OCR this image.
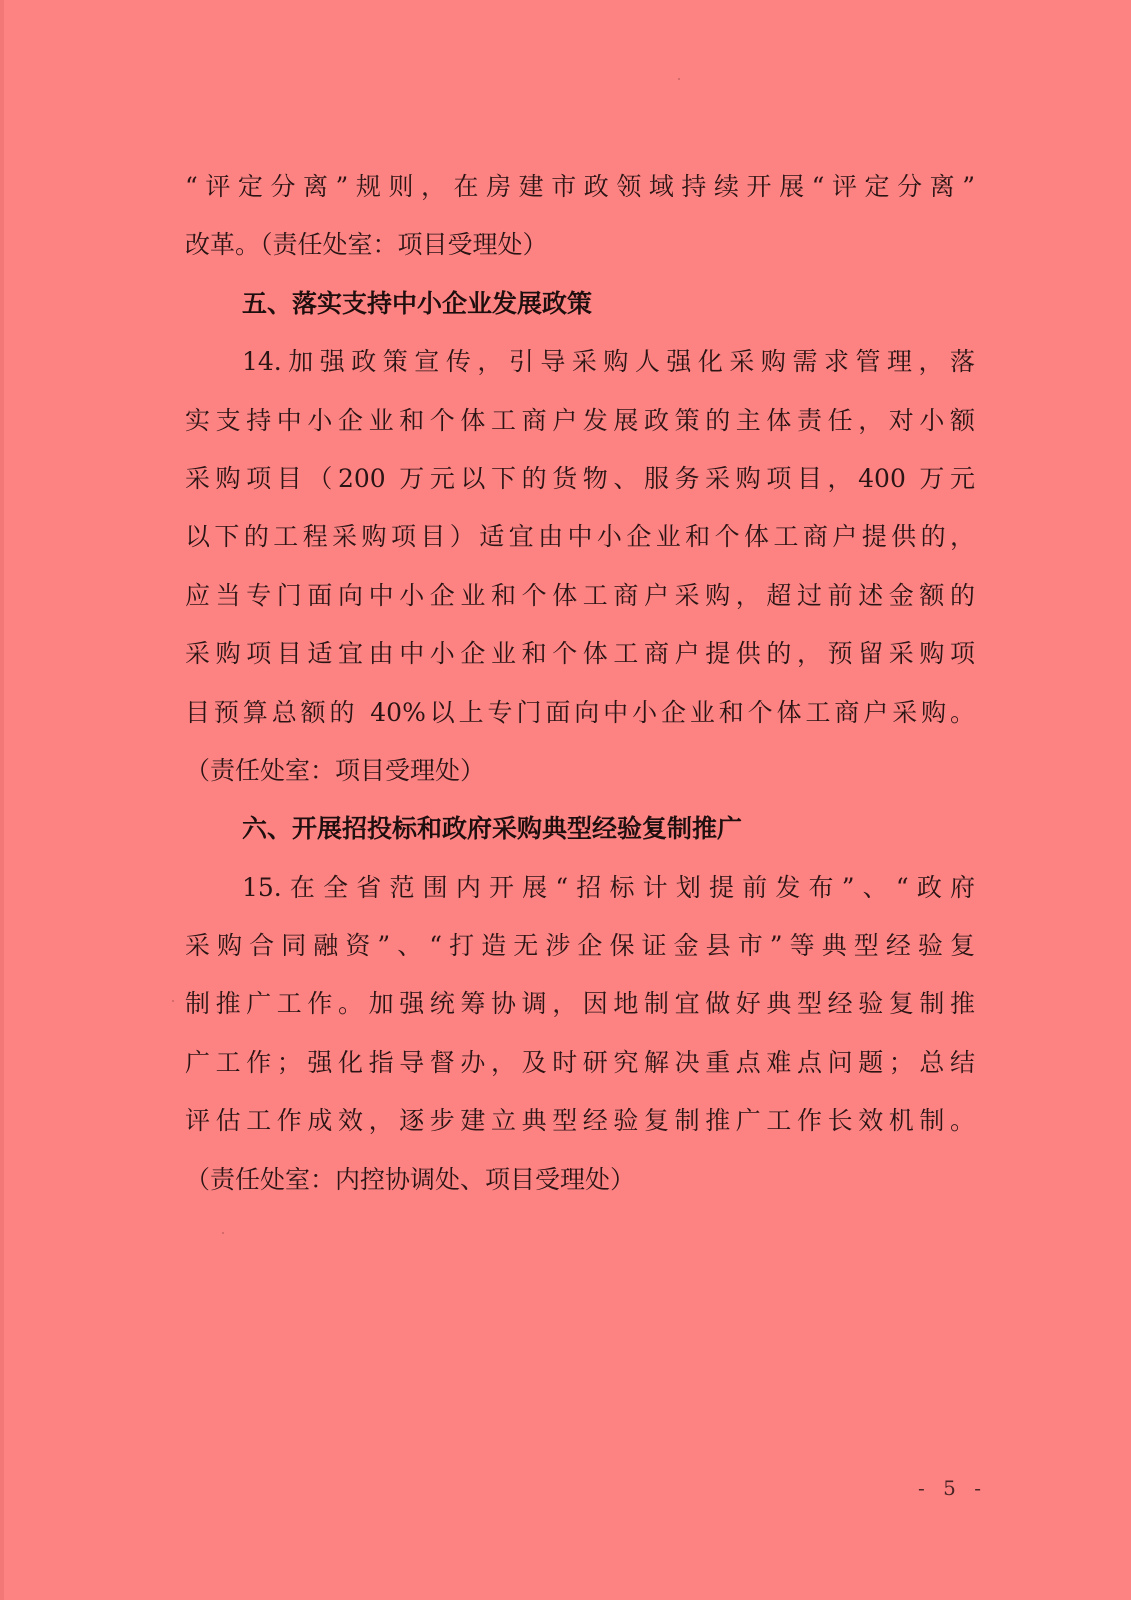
“评定分离”规则，在房建市政领域持续开展“评定分离”
改革。（责任处室：项目受理处）
五、落实支持中小企业发展政策
14.加强政策宣传，引导采购人强化采购需求管理，落
实支持中小企业和个体工商户发展政策的主体责任，对小额
采购项目（200 万元以下的货物、服务采购项目，400 万元
以下的工程采购项目）适宜由中小企业和个体工商户提供的，
应当专门面向中小企业和个体工商户采购，超过前述金额的
采购项目适宜由中小企业和个体工商户提供的，预留采购项
目预算总额的 40%以上专门面向中小企业和个体工商户采购。
（责任处室：项目受理处）
六、开展招投标和政府采购典型经验复制推广
15.在全省范围内开展“招标计划提前发布”、“政府
采购合同融资”、“打造无涉企保证金县市”等典型经验复
制推广工作。加强统筹协调，因地制宜做好典型经验复制推
广工作；强化指导督办，及时研究解决重点难点问题；总结
评估工作成效，逐步建立典型经验复制推广工作长效机制。
（责任处室：内控协调处、项目受理处）
- 5 -
